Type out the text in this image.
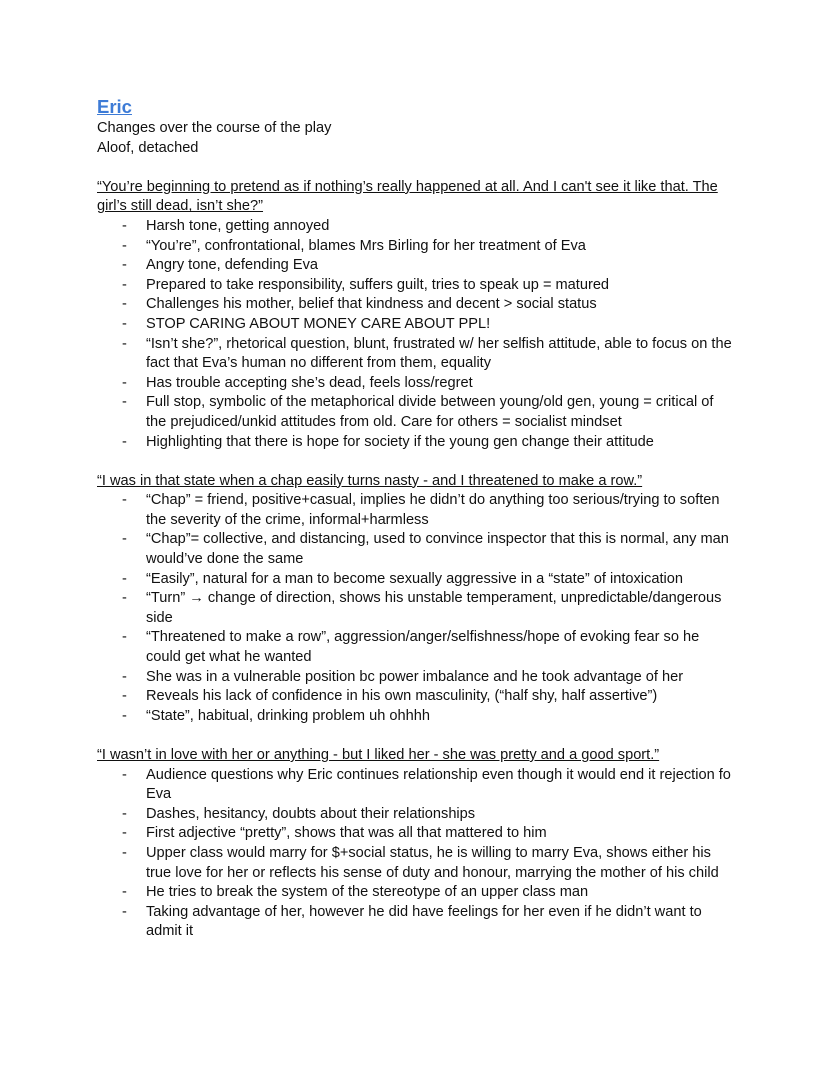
Eric
Changes over the course of the play
Aloof, detached
“You’re beginning to pretend as if nothing’s really happened at all. And I can't see it like that. The girl’s still dead, isn’t she?”
- Harsh tone, getting annoyed
- “You’re”, confrontational, blames Mrs Birling for her treatment of Eva
- Angry tone, defending Eva
- Prepared to take responsibility, suffers guilt, tries to speak up = matured
- Challenges his mother, belief that kindness and decent > social status
- STOP CARING ABOUT MONEY CARE ABOUT PPL!
- “Isn’t she?”, rhetorical question, blunt, frustrated w/ her selfish attitude, able to focus on the fact that Eva’s human no different from them, equality
- Has trouble accepting she’s dead, feels loss/regret
- Full stop, symbolic of the metaphorical divide between young/old gen, young = critical of the prejudiced/unkid attitudes from old. Care for others = socialist mindset
- Highlighting that there is hope for society if the young gen change their attitude
“I was in that state when a chap easily turns nasty - and I threatened to make a row.”
- “Chap” = friend, positive+casual, implies he didn’t do anything too serious/trying to soften the severity of the crime, informal+harmless
- “Chap”= collective, and distancing, used to convince inspector that this is normal, any man would’ve done the same
- “Easily”, natural for a man to become sexually aggressive in a “state” of intoxication
- “Turn” → change of direction, shows his unstable temperament, unpredictable/dangerous side
- “Threatened to make a row”, aggression/anger/selfishness/hope of evoking fear so he could get what he wanted
- She was in a vulnerable position bc power imbalance and he took advantage of her
- Reveals his lack of confidence in his own masculinity, (“half shy, half assertive”)
- “State”, habitual, drinking problem uh ohhhh
“I wasn’t in love with her or anything - but I liked her - she was pretty and a good sport.”
- Audience questions why Eric continues relationship even though it would end it rejection fo Eva
- Dashes, hesitancy, doubts about their relationships
- First adjective “pretty”, shows that was all that mattered to him
- Upper class would marry for $+social status, he is willing to marry Eva, shows either his true love for her or reflects his sense of duty and honour, marrying the mother of his child
- He tries to break the system of the stereotype of an upper class man
- Taking advantage of her, however he did have feelings for her even if he didn’t want to admit it
